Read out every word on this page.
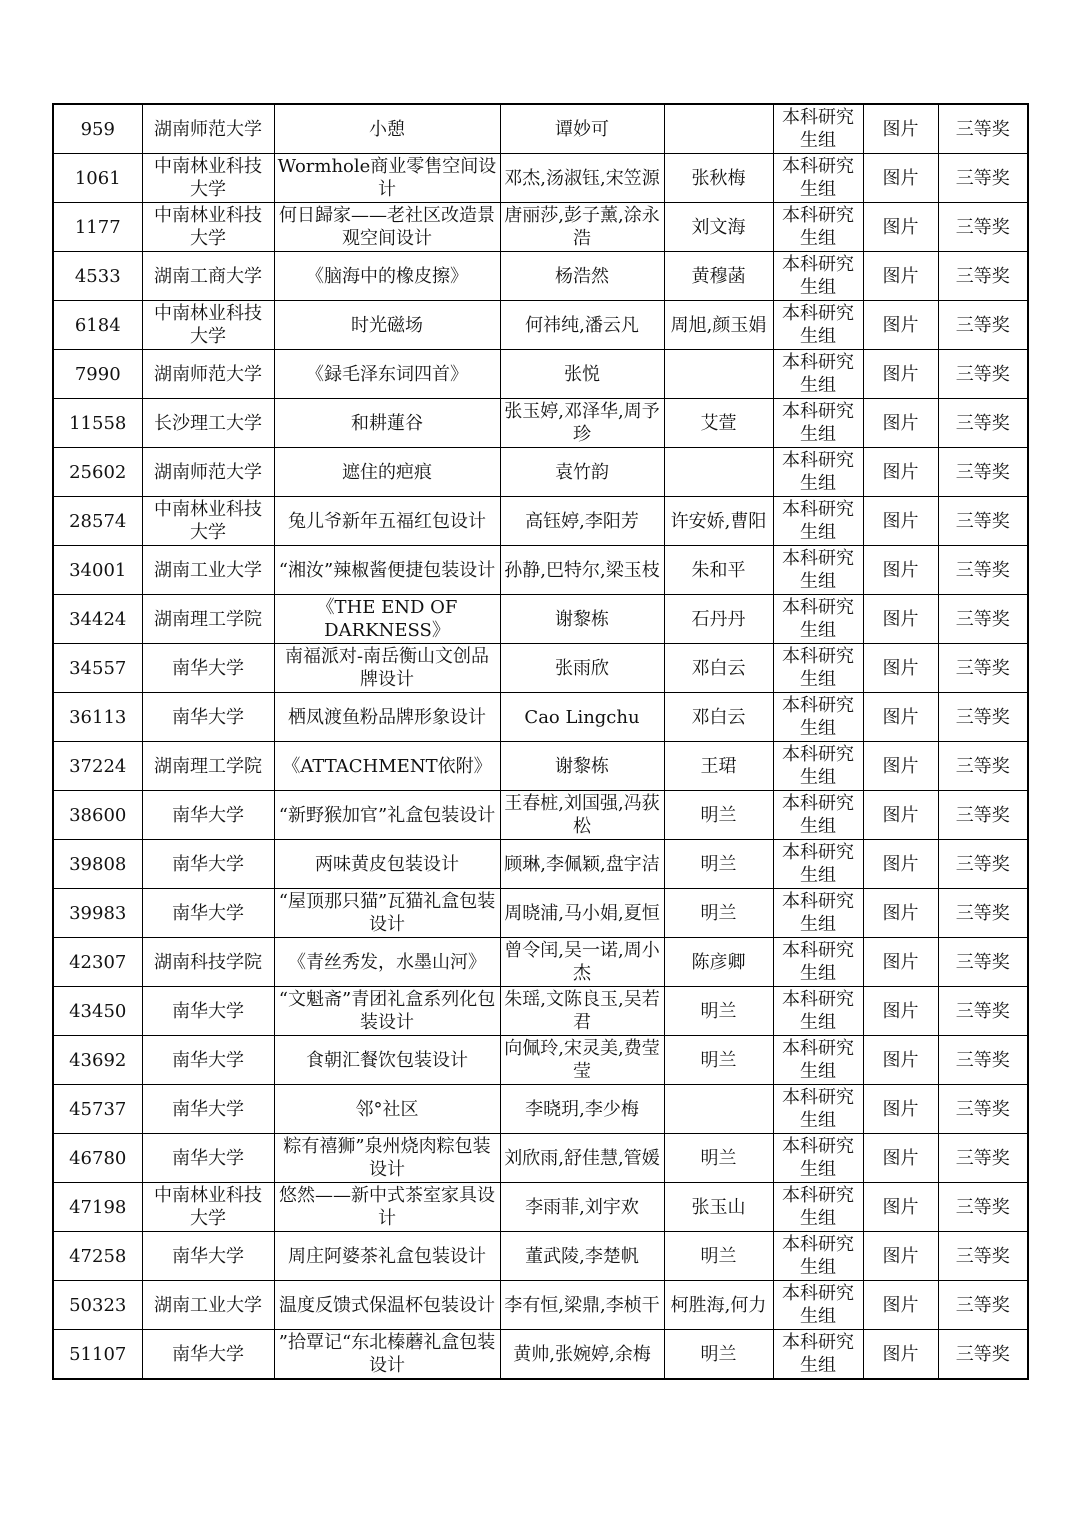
959	湖南师范大学	小憩	谭妙可		本科研究生组	图片	三等奖
1061	中南林业科技大学	Wormhole商业零售空间设计	邓杰,汤淑钰,宋笠源	张秋梅	本科研究生组	图片	三等奖
1177	中南林业科技大学	何日歸家——老社区改造景观空间设计	唐丽莎,彭子薰,涂永浩	刘文海	本科研究生组	图片	三等奖
4533	湖南工商大学	《脑海中的橡皮擦》	杨浩然	黄穆菡	本科研究生组	图片	三等奖
6184	中南林业科技大学	时光磁场	何祎纯,潘云凡	周旭,颜玉娟	本科研究生组	图片	三等奖
7990	湖南师范大学	《録毛泽东词四首》	张悦		本科研究生组	图片	三等奖
11558	长沙理工大学	和耕蓮谷	张玉婷,邓泽华,周予珍	艾萱	本科研究生组	图片	三等奖
25602	湖南师范大学	遮住的疤痕	袁竹韵		本科研究生组	图片	三等奖
28574	中南林业科技大学	兔儿爷新年五福红包设计	高钰婷,李阳芳	许安娇,曹阳	本科研究生组	图片	三等奖
34001	湖南工业大学	“湘汝”辣椒酱便捷包装设计	孙静,巴特尔,梁玉枝	朱和平	本科研究生组	图片	三等奖
34424	湖南理工学院	《THE END OF DARKNESS》	谢黎栋	石丹丹	本科研究生组	图片	三等奖
34557	南华大学	南福派对-南岳衡山文创品牌设计	张雨欣	邓白云	本科研究生组	图片	三等奖
36113	南华大学	栖凤渡鱼粉品牌形象设计	Cao Lingchu	邓白云	本科研究生组	图片	三等奖
37224	湖南理工学院	《ATTACHMENT依附》	谢黎栋	王珺	本科研究生组	图片	三等奖
38600	南华大学	“新野猴加官”礼盒包装设计	王春桩,刘国强,冯荻松	明兰	本科研究生组	图片	三等奖
39808	南华大学	两味黄皮包装设计	顾琳,李佩颖,盘宇洁	明兰	本科研究生组	图片	三等奖
39983	南华大学	“屋顶那只猫”瓦猫礼盒包装设计	周晓浦,马小娟,夏恒	明兰	本科研究生组	图片	三等奖
42307	湖南科技学院	《青丝秀发，水墨山河》	曾令闰,吴一诺,周小杰	陈彦卿	本科研究生组	图片	三等奖
43450	南华大学	“文魁斋”青团礼盒系列化包装设计	朱瑶,文陈良玉,吴若君	明兰	本科研究生组	图片	三等奖
43692	南华大学	食朝汇餐饮包装设计	向佩玲,宋灵美,费莹莹	明兰	本科研究生组	图片	三等奖
45737	南华大学	邻°社区	李晓玥,李少梅		本科研究生组	图片	三等奖
46780	南华大学	粽有禧狮”泉州烧肉粽包装设计	刘欣雨,舒佳慧,管媛	明兰	本科研究生组	图片	三等奖
47198	中南林业科技大学	悠然——新中式茶室家具设计	李雨菲,刘宇欢	张玉山	本科研究生组	图片	三等奖
47258	南华大学	周庄阿婆茶礼盒包装设计	董武陵,李楚帆	明兰	本科研究生组	图片	三等奖
50323	湖南工业大学	温度反馈式保温杯包装设计	李有恒,梁鼎,李桢干	柯胜海,何力	本科研究生组	图片	三等奖
51107	南华大学	”拾覃记“东北榛蘑礼盒包装设计	黄帅,张婉婷,余梅	明兰	本科研究生组	图片	三等奖
